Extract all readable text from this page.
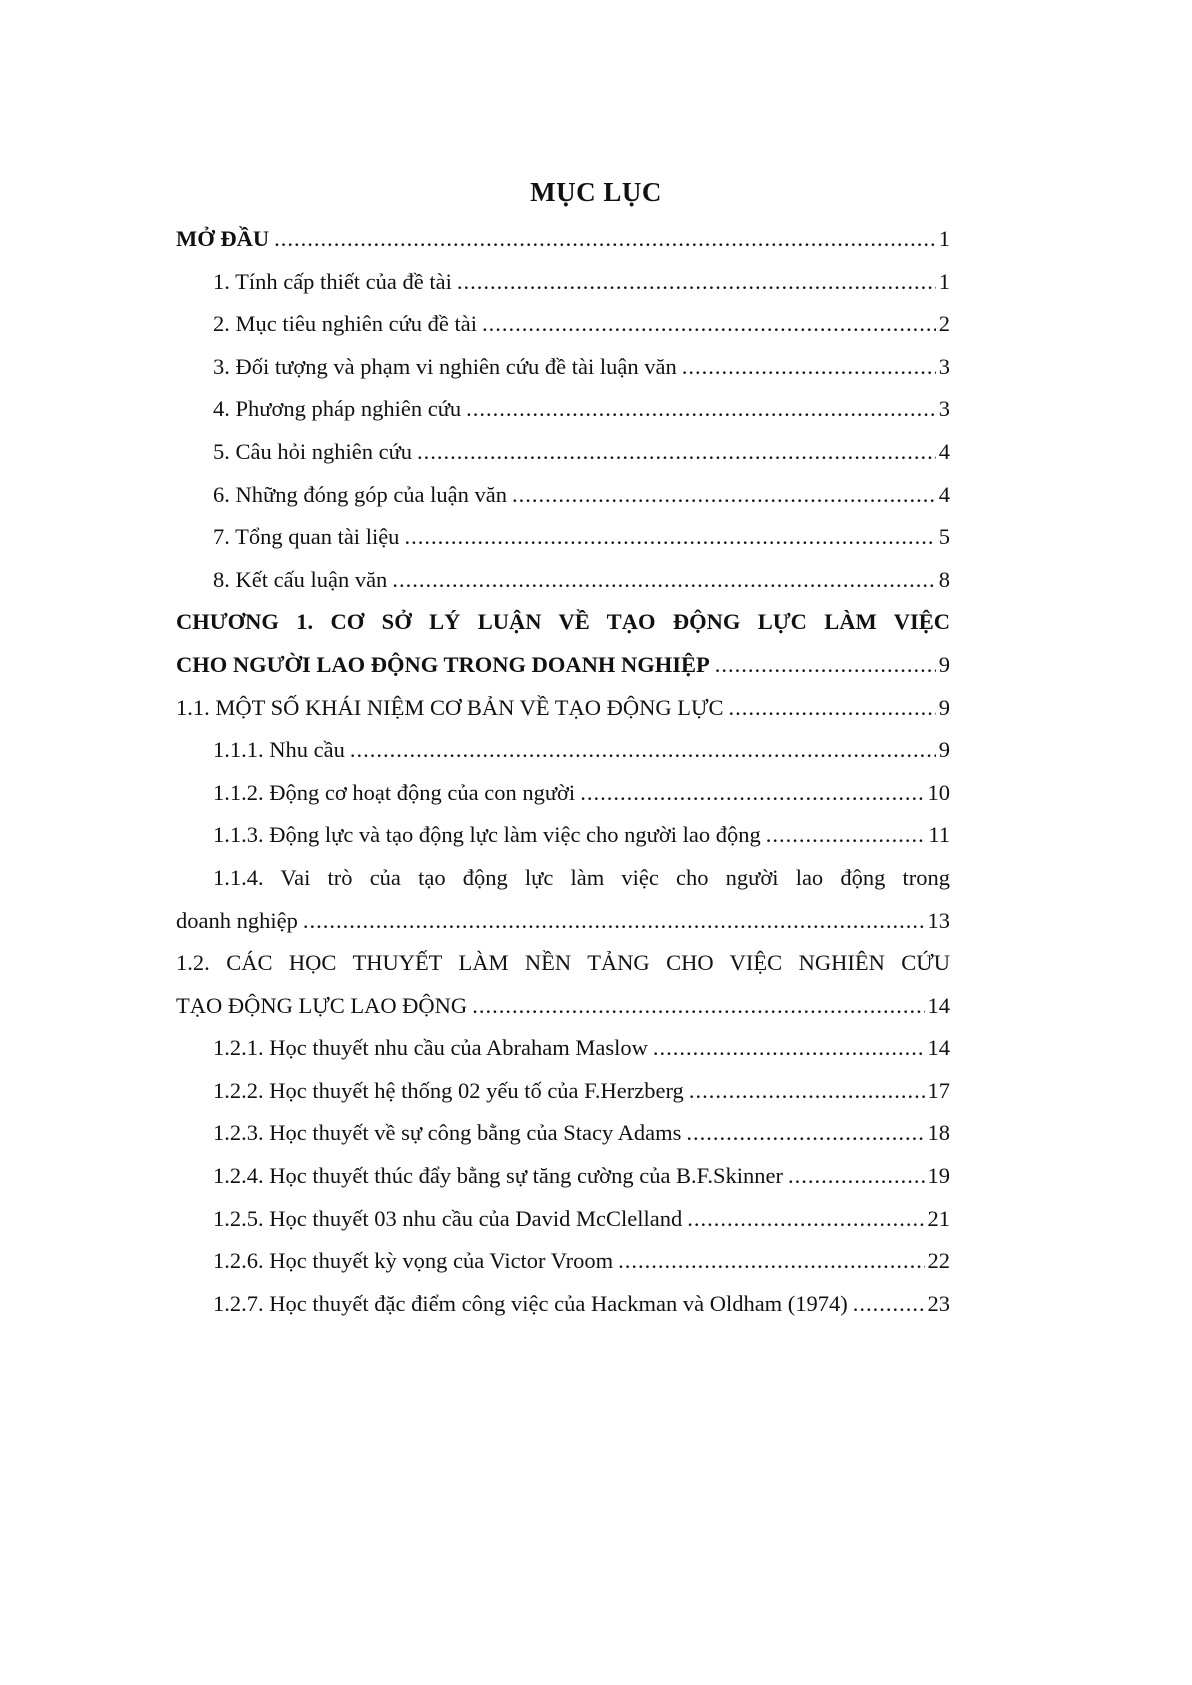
MỤC LỤC
MỞ ĐẦU .....	1
1. Tính cấp thiết của đề tài .....	1
2. Mục tiêu nghiên cứu đề tài .....	2
3. Đối tượng và phạm vi nghiên cứu đề tài luận văn .....	3
4. Phương pháp nghiên cứu .....	3
5. Câu hỏi nghiên cứu .....	4
6. Những đóng góp của luận văn .....	4
7. Tổng quan tài liệu .....	5
8. Kết cấu luận văn .....	8
CHƯƠNG 1. CƠ SỞ LÝ LUẬN VỀ TẠO ĐỘNG LỰC LÀM VIỆC
CHO NGƯỜI LAO ĐỘNG TRONG DOANH NGHIỆP .....	9
1.1. MỘT SỐ KHÁI NIỆM CƠ BẢN VỀ TẠO ĐỘNG LỰC .....	9
1.1.1. Nhu cầu .....	9
1.1.2. Động cơ hoạt động của con người .....	10
1.1.3. Động lực và tạo động lực làm việc cho người lao động .....	11
1.1.4. Vai trò của tạo động lực làm việc cho người lao động trong
doanh nghiệp .....	13
1.2. CÁC HỌC THUYẾT LÀM NỀN TẢNG CHO VIỆC NGHIÊN CỨU
TẠO ĐỘNG LỰC LAO ĐỘNG .....	14
1.2.1. Học thuyết nhu cầu của Abraham Maslow .....	14
1.2.2. Học thuyết hệ thống 02 yếu tố của F.Herzberg .....	17
1.2.3. Học thuyết về sự công bằng của Stacy Adams .....	18
1.2.4. Học thuyết thúc đẩy bằng sự tăng cường của B.F.Skinner .....	19
1.2.5. Học thuyết 03 nhu cầu của David McClelland .....	21
1.2.6. Học thuyết kỳ vọng của Victor Vroom .....	22
1.2.7. Học thuyết đặc điểm công việc của Hackman và Oldham (1974) .....	23
